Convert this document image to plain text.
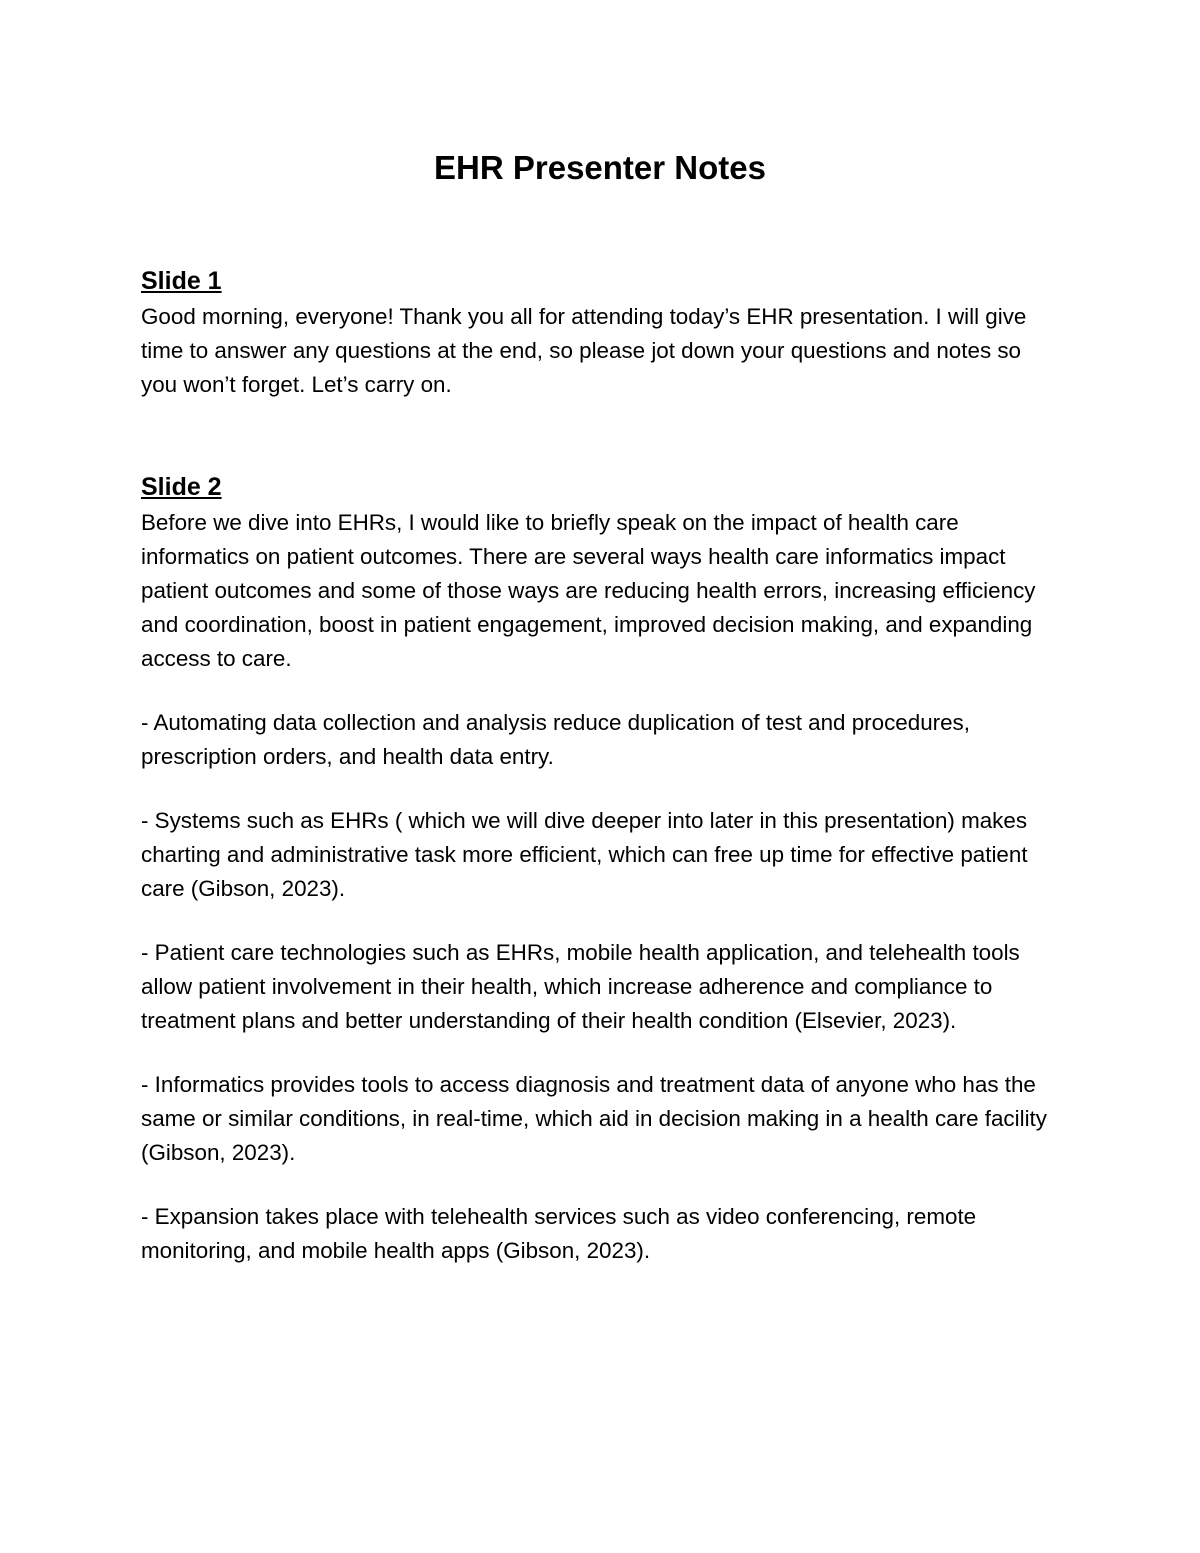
EHR Presenter Notes
Slide 1

Good morning, everyone! Thank you all for attending today’s EHR presentation. I will give time to answer any questions at the end, so please jot down your questions and notes so you won’t forget. Let’s carry on.

Slide 2

Before we dive into EHRs, I would like to briefly speak on the impact of health care informatics on patient outcomes. There are several ways health care informatics impact patient outcomes and some of those ways are reducing health errors, increasing efficiency and coordination, boost in patient engagement, improved decision making, and expanding access to care.

- Automating data collection and analysis reduce duplication of test and procedures, prescription orders, and health data entry.

- Systems such as EHRs ( which we will dive deeper into later in this presentation) makes charting and administrative task more efficient, which can free up time for effective patient care (Gibson, 2023).

- Patient care technologies such as EHRs, mobile health application, and telehealth tools allow patient involvement in their health, which increase adherence and compliance to treatment plans and better understanding of their health condition (Elsevier, 2023).

- Informatics provides tools to access diagnosis and treatment data of anyone who has the same or similar conditions, in real-time, which aid in decision making in a health care facility (Gibson, 2023).

- Expansion takes place with telehealth services such as video conferencing, remote monitoring, and mobile health apps (Gibson, 2023).
